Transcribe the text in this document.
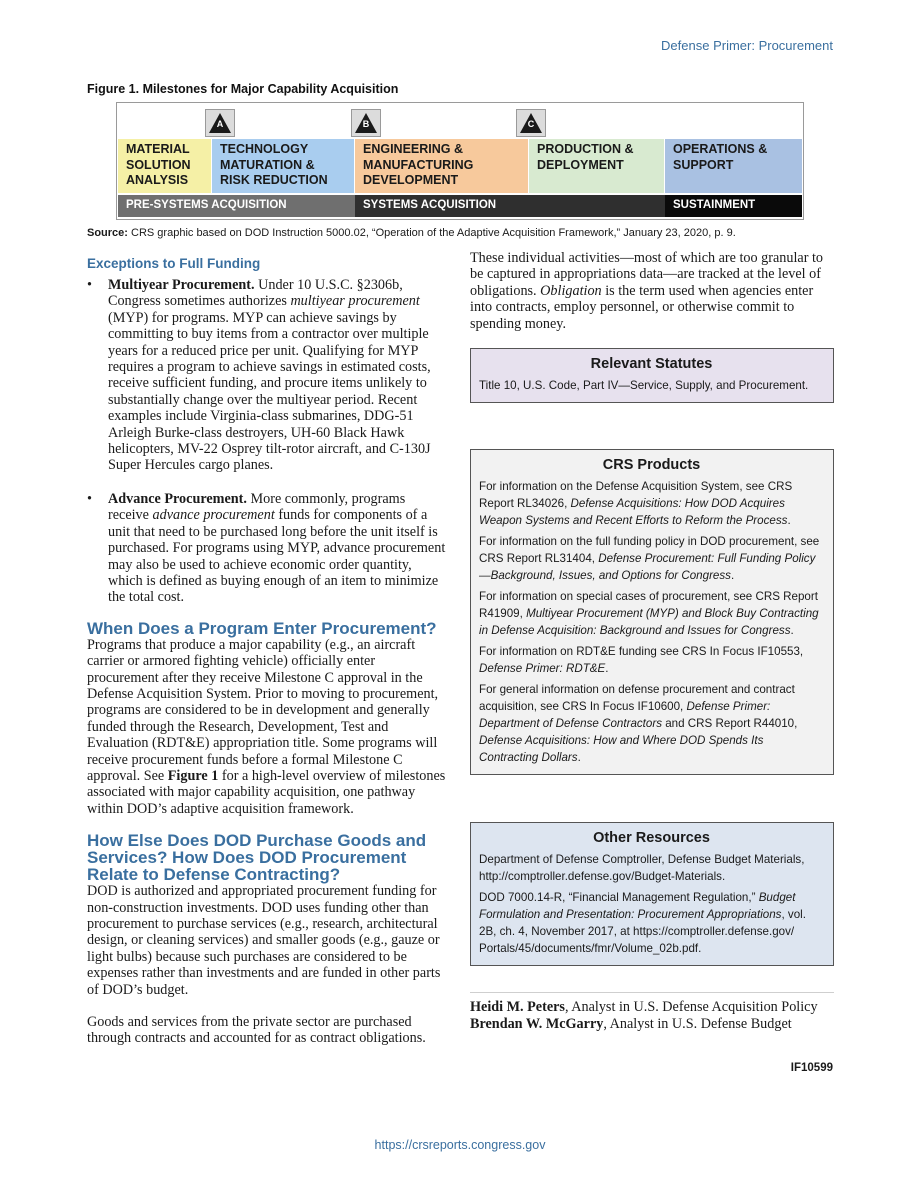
Defense Primer: Procurement
Figure 1. Milestones for Major Capability Acquisition
A	B	C
MATERIAL
SOLUTION
ANALYSIS
TECHNOLOGY
MATURATION &
RISK REDUCTION
ENGINEERING &
MANUFACTURING
DEVELOPMENT
PRODUCTION &
DEPLOYMENT
OPERATIONS &
SUPPORT
PRE-SYSTEMS ACQUISITION	SYSTEMS ACQUISITION	SUSTAINMENT
Source: CRS graphic based on DOD Instruction 5000.02, “Operation of the Adaptive Acquisition Framework,” January 23, 2020, p. 9.
Exceptions to Full Funding
• Multiyear Procurement. Under 10 U.S.C. §2306b, Congress sometimes authorizes multiyear procurement (MYP) for programs. MYP can achieve savings by committing to buy items from a contractor over multiple years for a reduced price per unit. Qualifying for MYP requires a program to achieve savings in estimated costs, receive sufficient funding, and procure items unlikely to substantially change over the multiyear period. Recent examples include Virginia-class submarines, DDG-51 Arleigh Burke-class destroyers, UH-60 Black Hawk helicopters, MV-22 Osprey tilt-rotor aircraft, and C-130J Super Hercules cargo planes.
• Advance Procurement. More commonly, programs receive advance procurement funds for components of a unit that need to be purchased long before the unit itself is purchased. For programs using MYP, advance procurement may also be used to achieve economic order quantity, which is defined as buying enough of an item to minimize the total cost.
When Does a Program Enter Procurement?

Programs that produce a major capability (e.g., an aircraft carrier or armored fighting vehicle) officially enter procurement after they receive Milestone C approval in the Defense Acquisition System. Prior to moving to procurement, programs are considered to be in development and generally funded through the Research, Development, Test and Evaluation (RDT&E) appropriation title. Some programs will receive procurement funds before a formal Milestone C approval. See Figure 1 for a high-level overview of milestones associated with major capability acquisition, one pathway within DOD’s adaptive acquisition framework.

How Else Does DOD Purchase Goods and Services? How Does DOD Procurement Relate to Defense Contracting?

DOD is authorized and appropriated procurement funding for non-construction investments. DOD uses funding other than procurement to purchase services (e.g., research, architectural design, or cleaning services) and smaller goods (e.g., gauze or light bulbs) because such purchases are considered to be expenses rather than investments and are funded in other parts of DOD’s budget.

Goods and services from the private sector are purchased through contracts and accounted for as contract obligations.

These individual activities—most of which are too granular to be captured in appropriations data—are tracked at the level of obligations. Obligation is the term used when agencies enter into contracts, employ personnel, or otherwise commit to spending money.

Relevant Statutes
Title 10, U.S. Code, Part IV—Service, Supply, and Procurement.
CRS Products
For information on the Defense Acquisition System, see CRS Report RL34026, Defense Acquisitions: How DOD Acquires Weapon Systems and Recent Efforts to Reform the Process.
For information on the full funding policy in DOD procurement, see CRS Report RL31404, Defense Procurement: Full Funding Policy—Background, Issues, and Options for Congress.
For information on special cases of procurement, see CRS Report R41909, Multiyear Procurement (MYP) and Block Buy Contracting in Defense Acquisition: Background and Issues for Congress.
For information on RDT&E funding see CRS In Focus IF10553, Defense Primer: RDT&E.
For general information on defense procurement and contract acquisition, see CRS In Focus IF10600, Defense Primer: Department of Defense Contractors and CRS Report R44010, Defense Acquisitions: How and Where DOD Spends Its Contracting Dollars.
Other Resources
Department of Defense Comptroller, Defense Budget Materials, http://comptroller.defense.gov/Budget-Materials.
DOD 7000.14-R, “Financial Management Regulation,” Budget Formulation and Presentation: Procurement Appropriations, vol. 2B, ch. 4, November 2017, at https://comptroller.defense.gov/ Portals/45/documents/fmr/Volume_02b.pdf.
Heidi M. Peters, Analyst in U.S. Defense Acquisition Policy
Brendan W. McGarry, Analyst in U.S. Defense Budget
IF10599
https://crsreports.congress.gov
